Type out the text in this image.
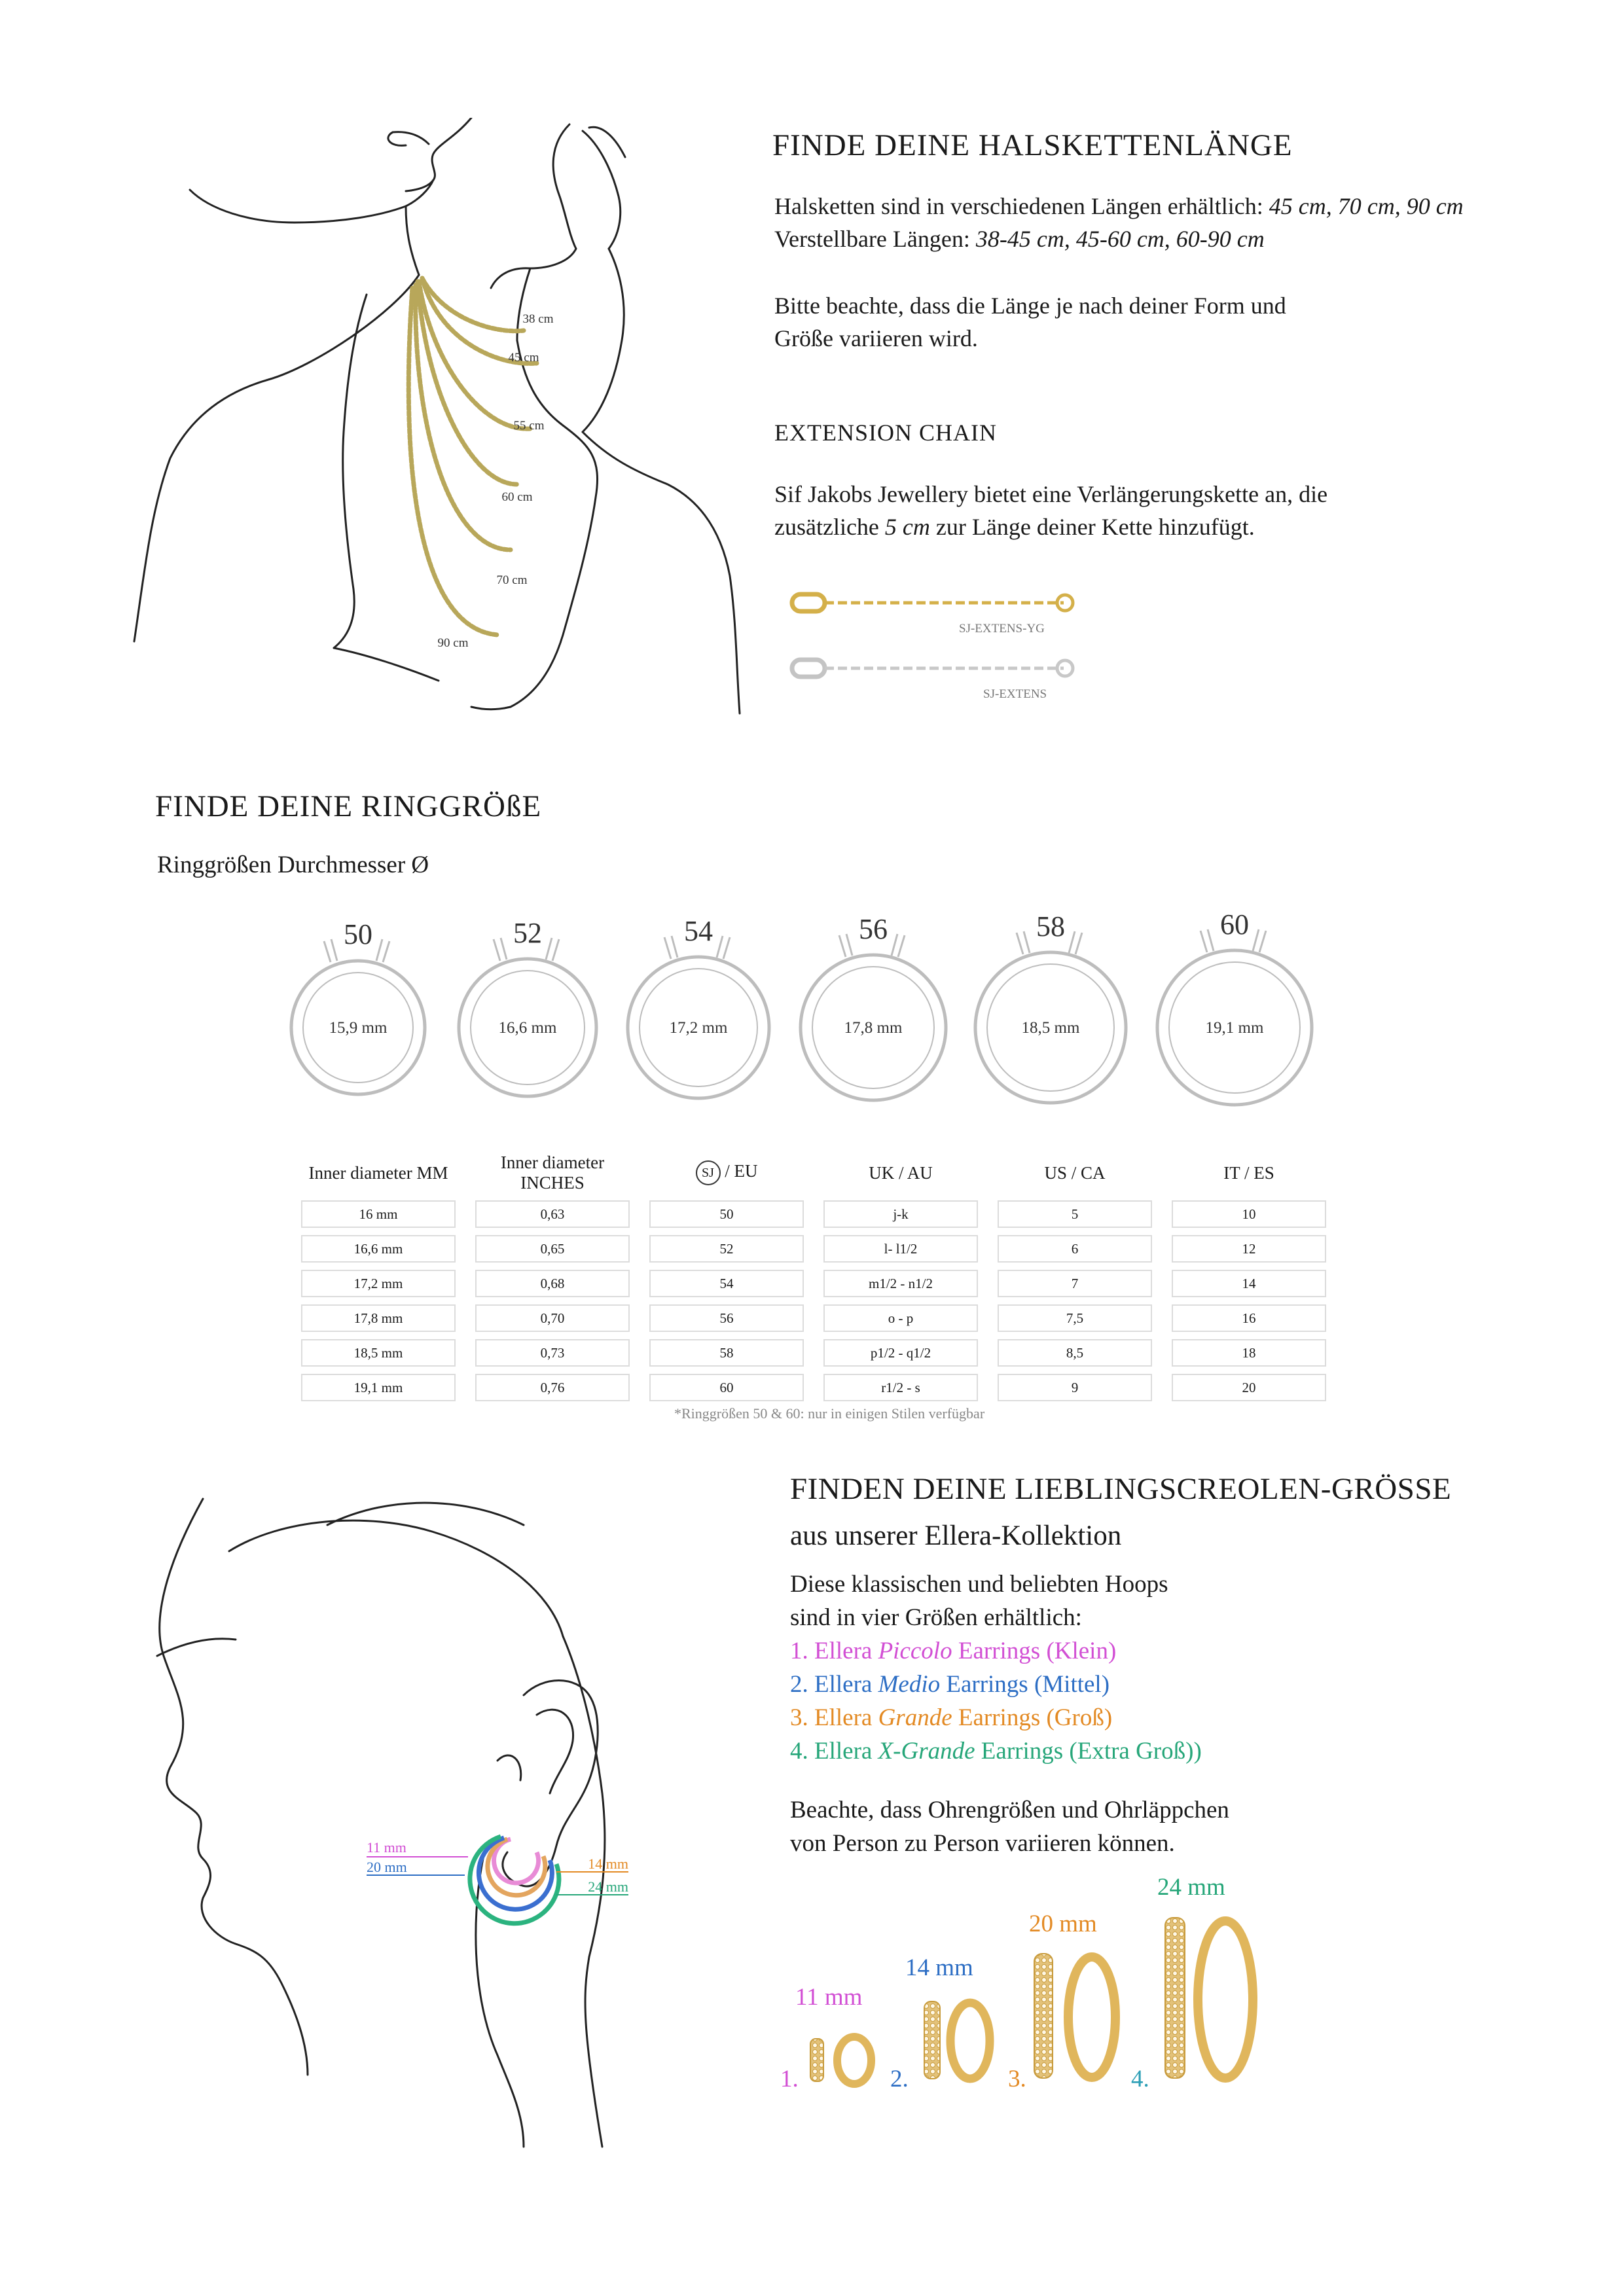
38 cm
45 cm
55 cm
60 cm
70 cm
90 cm
FINDE DEINE HALSKETTENLÄNGE
Halsketten sind in verschiedenen Längen erhältlich: 45 cm, 70 cm, 90 cm
Verstellbare Längen: 38-45 cm, 45-60 cm, 60-90 cm
Bitte beachte, dass die Länge je nach deiner Form und
Größe variieren wird.
EXTENSION CHAIN
Sif Jakobs Jewellery bietet eine Verlängerungskette an, die
zusätzliche 5 cm zur Länge deiner Kette hinzufügt.
SJ-EXTENS-YG
SJ-EXTENS
FINDE DEINE RINGGRÖßE
Ringgrößen Durchmesser Ø
50	52	54	56	58	60
15,9 mm	16,6 mm	17,2 mm	17,8 mm	18,5 mm	19,1 mm
Inner diameter MM	Inner diameter INCHES	SJ / EU	UK / AU	US / CA	IT / ES
16 mm	0,63	50	j-k	5	10
16,6 mm	0,65	52	l- l1/2	6	12
17,2 mm	0,68	54	m1/2 - n1/2	7	14
17,8 mm	0,70	56	o - p	7,5	16
18,5 mm	0,73	58	p1/2 - q1/2	8,5	18
19,1 mm	0,76	60	r1/2 - s	9	20
*Ringgrößen 50 & 60: nur in einigen Stilen verfügbar
11 mm
20 mm	14 mm
24 mm
FINDEN DEINE LIEBLINGSCREOLEN-GRÖSSE
aus unserer Ellera-Kollektion
Diese klassischen und beliebten Hoops
sind in vier Größen erhältlich:
1. Ellera Piccolo Earrings (Klein)
2. Ellera Medio Earrings (Mittel)
3. Ellera Grande Earrings (Groß)
4. Ellera X-Grande Earrings (Extra Groß))
Beachte, dass Ohrengrößen und Ohrläppchen
von Person zu Person variieren können.
11 mm
14 mm
20 mm
24 mm
1.	2.	3.	4.
